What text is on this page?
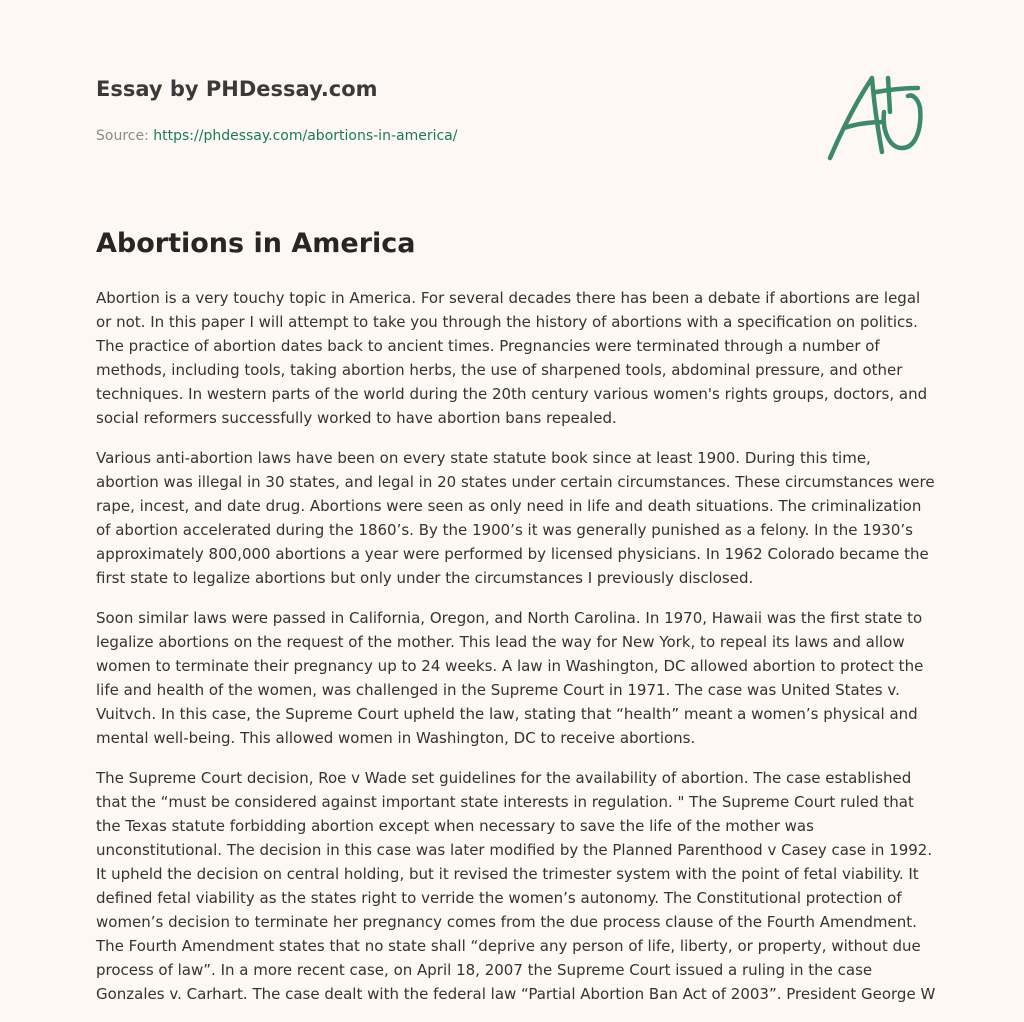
Essay by PHDessay.com

Source: https://phdessay.com/abortions-in-america/
Abortions in America

Abortion is a very touchy topic in America. For several decades there has been a debate if abortions are legal or not. In this paper I will attempt to take you through the history of abortions with a specification on politics. The practice of abortion dates back to ancient times. Pregnancies were terminated through a number of methods, including tools, taking abortion herbs, the use of sharpened tools, abdominal pressure, and other techniques. In western parts of the world during the 20th century various women's rights groups, doctors, and social reformers successfully worked to have abortion bans repealed.

Various anti-abortion laws have been on every state statute book since at least 1900. During this time, abortion was illegal in 30 states, and legal in 20 states under certain circumstances. These circumstances were rape, incest, and date drug. Abortions were seen as only need in life and death situations. The criminalization of abortion accelerated during the 1860’s. By the 1900’s it was generally punished as a felony. In the 1930’s approximately 800,000 abortions a year were performed by licensed physicians. In 1962 Colorado became the first state to legalize abortions but only under the circumstances I previously disclosed.

Soon similar laws were passed in California, Oregon, and North Carolina. In 1970, Hawaii was the first state to legalize abortions on the request of the mother. This lead the way for New York, to repeal its laws and allow women to terminate their pregnancy up to 24 weeks. A law in Washington, DC allowed abortion to protect the life and health of the women, was challenged in the Supreme Court in 1971. The case was United States v. Vuitvch. In this case, the Supreme Court upheld the law, stating that “health” meant a women’s physical and mental well-being. This allowed women in Washington, DC to receive abortions.

The Supreme Court decision, Roe v Wade set guidelines for the availability of abortion. The case established that the “must be considered against important state interests in regulation. " The Supreme Court ruled that the Texas statute forbidding abortion except when necessary to save the life of the mother was unconstitutional. The decision in this case was later modified by the Planned Parenthood v Casey case in 1992. It upheld the decision on central holding, but it revised the trimester system with the point of fetal viability. It defined fetal viability as the states right to verride the women’s autonomy. The Constitutional protection of women’s decision to terminate her pregnancy comes from the due process clause of the Fourth Amendment. The Fourth Amendment states that no state shall “deprive any person of life, liberty, or property, without due process of law”. In a more recent case, on April 18, 2007 the Supreme Court issued a ruling in the case Gonzales v. Carhart. The case dealt with the federal law “Partial Abortion Ban Act of 2003”. President George W
